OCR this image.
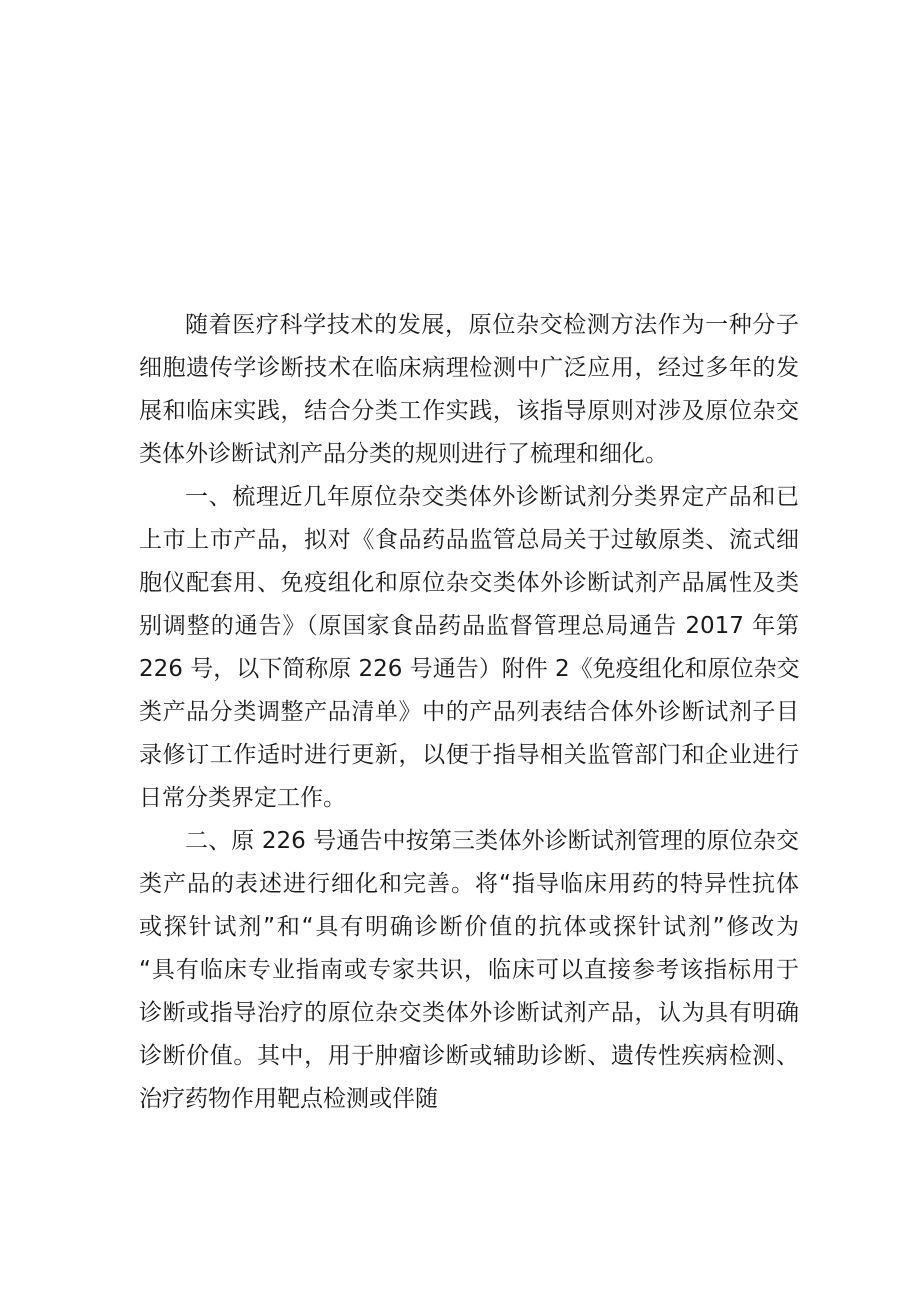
随着医疗科学技术的发展，原位杂交检测方法作为一种分子
细胞遗传学诊断技术在临床病理检测中广泛应用，经过多年的发
展和临床实践，结合分类工作实践，该指导原则对涉及原位杂交
类体外诊断试剂产品分类的规则进行了梳理和细化。
一、梳理近几年原位杂交类体外诊断试剂分类界定产品和已
上市上市产品，拟对《食品药品监管总局关于过敏原类、流式细
胞仪配套用、免疫组化和原位杂交类体外诊断试剂产品属性及类
别调整的通告》（原国家食品药品监督管理总局通告 2017 年第
226 号，以下简称原 226 号通告）附件 2《免疫组化和原位杂交
类产品分类调整产品清单》中的产品列表结合体外诊断试剂子目
录修订工作适时进行更新，以便于指导相关监管部门和企业进行
日常分类界定工作。
二、原 226 号通告中按第三类体外诊断试剂管理的原位杂交
类产品的表述进行细化和完善。将“指导临床用药的特异性抗体
或探针试剂”和“具有明确诊断价值的抗体或探针试剂”修改为
“具有临床专业指南或专家共识，临床可以直接参考该指标用于
诊断或指导治疗的原位杂交类体外诊断试剂产品，认为具有明确
诊断价值。其中，用于肿瘤诊断或辅助诊断、遗传性疾病检测、
治疗药物作用靶点检测或伴随
